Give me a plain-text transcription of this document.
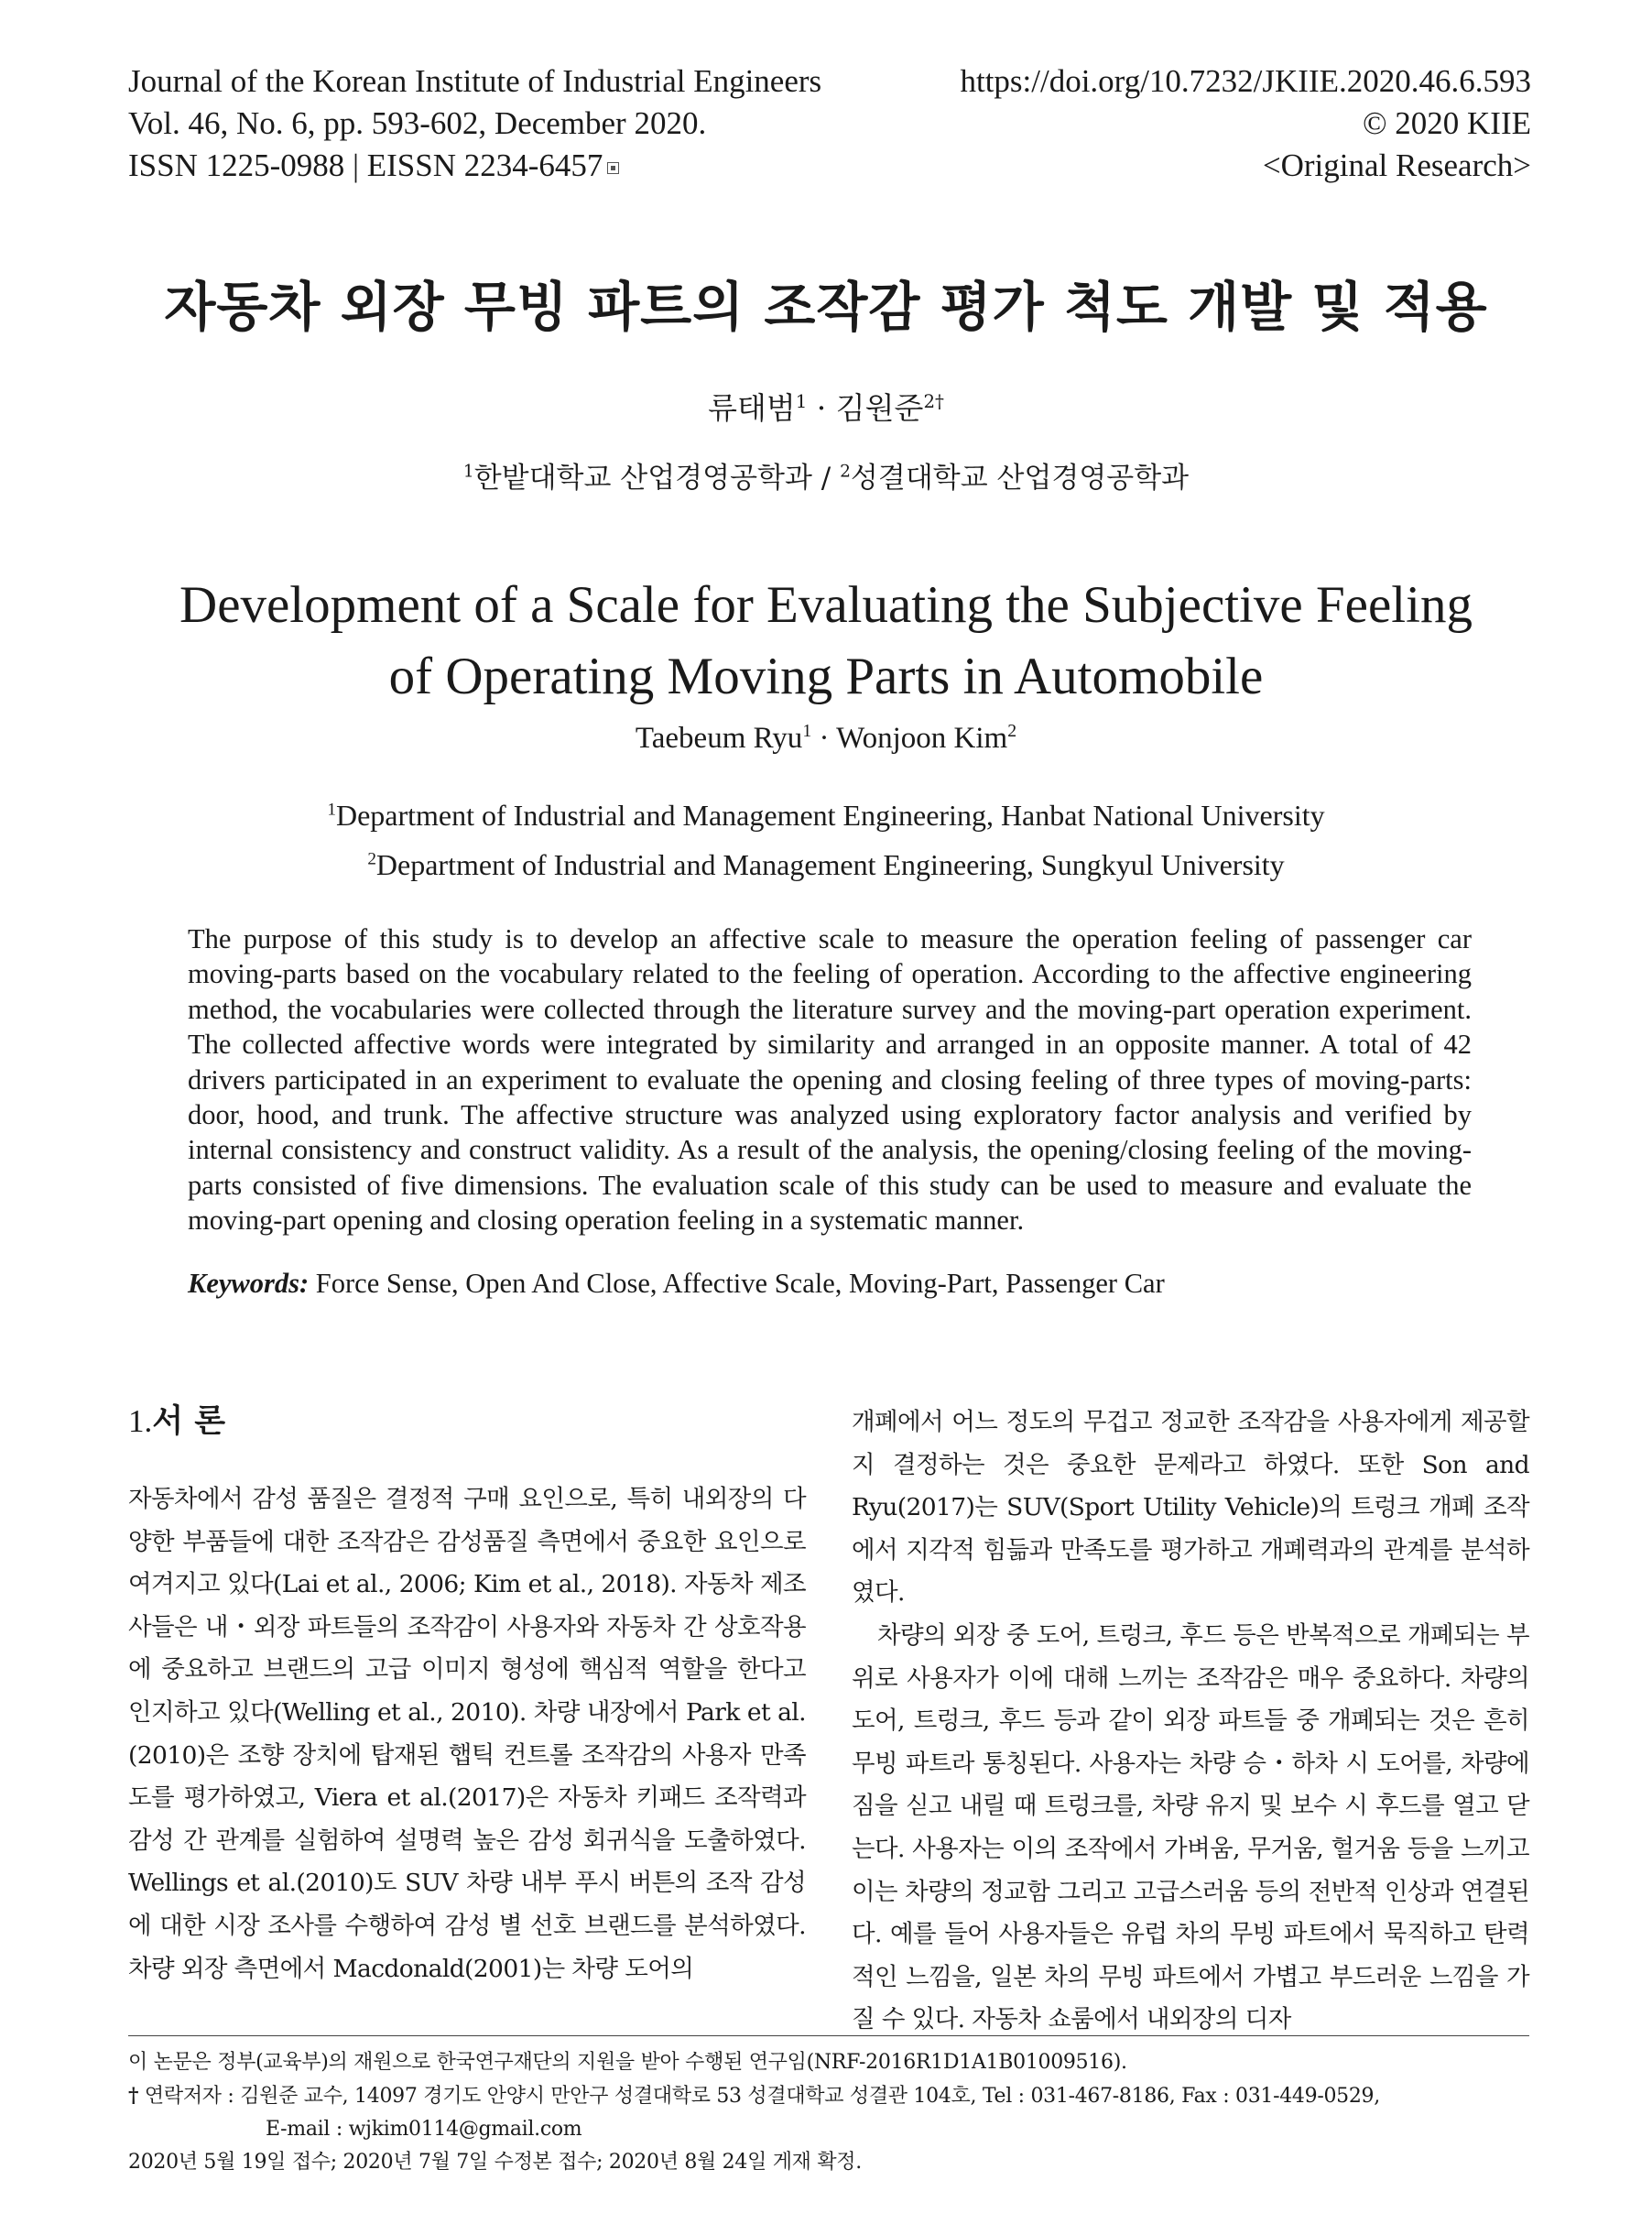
Journal of the Korean Institute of Industrial Engineers
Vol. 46, No. 6, pp. 593-602, December 2020.
ISSN 1225-0988 | EISSN 2234-6457
https://doi.org/10.7232/JKIIE.2020.46.6.593
© 2020 KIIE
<Original Research>
자동차 외장 무빙 파트의 조작감 평가 척도 개발 및 적용
류태범$^1$ · 김원준$^{2\dagger}$
$^1$한밭대학교 산업경영공학과 / $^2$성결대학교 산업경영공학과
Development of a Scale for Evaluating the Subjective Feeling
of Operating Moving Parts in Automobile
Taebeum Ryu$^1$ · Wonjoon Kim$^2$
$^1$Department of Industrial and Management Engineering, Hanbat National University
$^2$Department of Industrial and Management Engineering, Sungkyul University

The purpose of this study is to develop an affective scale to measure the operation feeling of passenger car moving-parts based on the vocabulary related to the feeling of operation. According to the affective engineering method, the vocabularies were collected through the literature survey and the moving-part operation experiment. The collected affective words were integrated by similarity and arranged in an opposite manner. A total of 42 drivers participated in an experiment to evaluate the opening and closing feeling of three types of moving-parts: door, hood, and trunk. The affective structure was analyzed using exploratory factor analysis and verified by internal consistency and construct validity. As a result of the analysis, the opening/closing feeling of the moving-parts consisted of five dimensions. The evaluation scale of this study can be used to measure and evaluate the moving-part opening and closing operation feeling in a systematic manner.

Keywords: Force Sense, Open And Close, Affective Scale, Moving-Part, Passenger Car

1.서 론

자동차에서 감성 품질은 결정적 구매 요인으로, 특히 내외장의 다양한 부품들에 대한 조작감은 감성품질 측면에서 중요한 요인으로 여겨지고 있다(Lai et al., 2006; Kim et al., 2018). 자동차 제조사들은 내・외장 파트들의 조작감이 사용자와 자동차 간 상호작용에 중요하고 브랜드의 고급 이미지 형성에 핵심적 역할을 한다고 인지하고 있다(Welling et al., 2010). 차량 내장에서 Park et al.(2010)은 조향 장치에 탑재된 햅틱 컨트롤 조작감의 사용자 만족도를 평가하였고, Viera et al.(2017)은 자동차 키패드 조작력과 감성 간 관계를 실험하여 설명력 높은 감성 회귀식을 도출하였다. Wellings et al.(2010)도 SUV 차량 내부 푸시 버튼의 조작 감성에 대한 시장 조사를 수행하여 감성 별 선호 브랜드를 분석하였다. 차량 외장 측면에서 Macdonald(2001)는 차량 도어의

개폐에서 어느 정도의 무겁고 정교한 조작감을 사용자에게 제공할지 결정하는 것은 중요한 문제라고 하였다. 또한 Son and Ryu(2017)는 SUV(Sport Utility Vehicle)의 트렁크 개폐 조작에서 지각적 힘듦과 만족도를 평가하고 개폐력과의 관계를 분석하였다.

차량의 외장 중 도어, 트렁크, 후드 등은 반복적으로 개폐되는 부위로 사용자가 이에 대해 느끼는 조작감은 매우 중요하다. 차량의 도어, 트렁크, 후드 등과 같이 외장 파트들 중 개폐되는 것은 흔히 무빙 파트라 통칭된다. 사용자는 차량 승・하차 시 도어를, 차량에 짐을 싣고 내릴 때 트렁크를, 차량 유지 및 보수 시 후드를 열고 닫는다. 사용자는 이의 조작에서 가벼움, 무거움, 헐거움 등을 느끼고 이는 차량의 정교함 그리고 고급스러움 등의 전반적 인상과 연결된다. 예를 들어 사용자들은 유럽 차의 무빙 파트에서 묵직하고 탄력적인 느낌을, 일본 차의 무빙 파트에서 가볍고 부드러운 느낌을 가질 수 있다. 자동차 쇼룸에서 내외장의 디자

이 논문은 정부(교육부)의 재원으로 한국연구재단의 지원을 받아 수행된 연구임(NRF-2016R1D1A1B01009516).

† 연락저자 : 김원준 교수, 14097 경기도 안양시 만안구 성결대학로 53 성결대학교 성결관 104호, Tel : 031-467-8186, Fax : 031-449-0529,

E-mail : wjkim0114@gmail.com

2020년 5월 19일 접수; 2020년 7월 7일 수정본 접수; 2020년 8월 24일 게재 확정.
